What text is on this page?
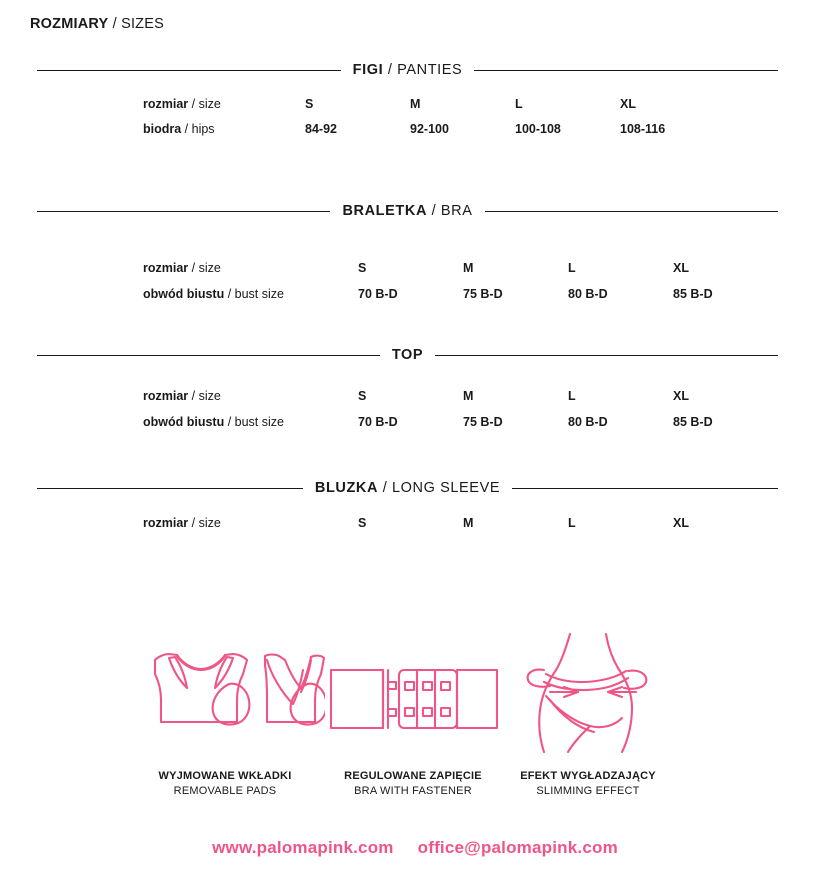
ROZMIARY / SIZES
FIGI / PANTIES
rozmiar / size	S	M	L	XL
biodra / hips	84-92	92-100	100-108	108-116
BRALETKA / BRA
rozmiar / size	S	M	L	XL
obwód biustu / bust size	70 B-D	75 B-D	80 B-D	85 B-D
TOP
rozmiar / size	S	M	L	XL
obwód biustu / bust size	70 B-D	75 B-D	80 B-D	85 B-D
BLUZKA / LONG SLEEVE
rozmiar / size	S	M	L	XL
WYJMOWANE WKŁADKI
REMOVABLE PADS
REGULOWANE ZAPIĘCIE
BRA WITH FASTENER
EFEKT WYGŁADZAJĄCY
SLIMMING EFFECT
www.palomapink.com office@palomapink.com
